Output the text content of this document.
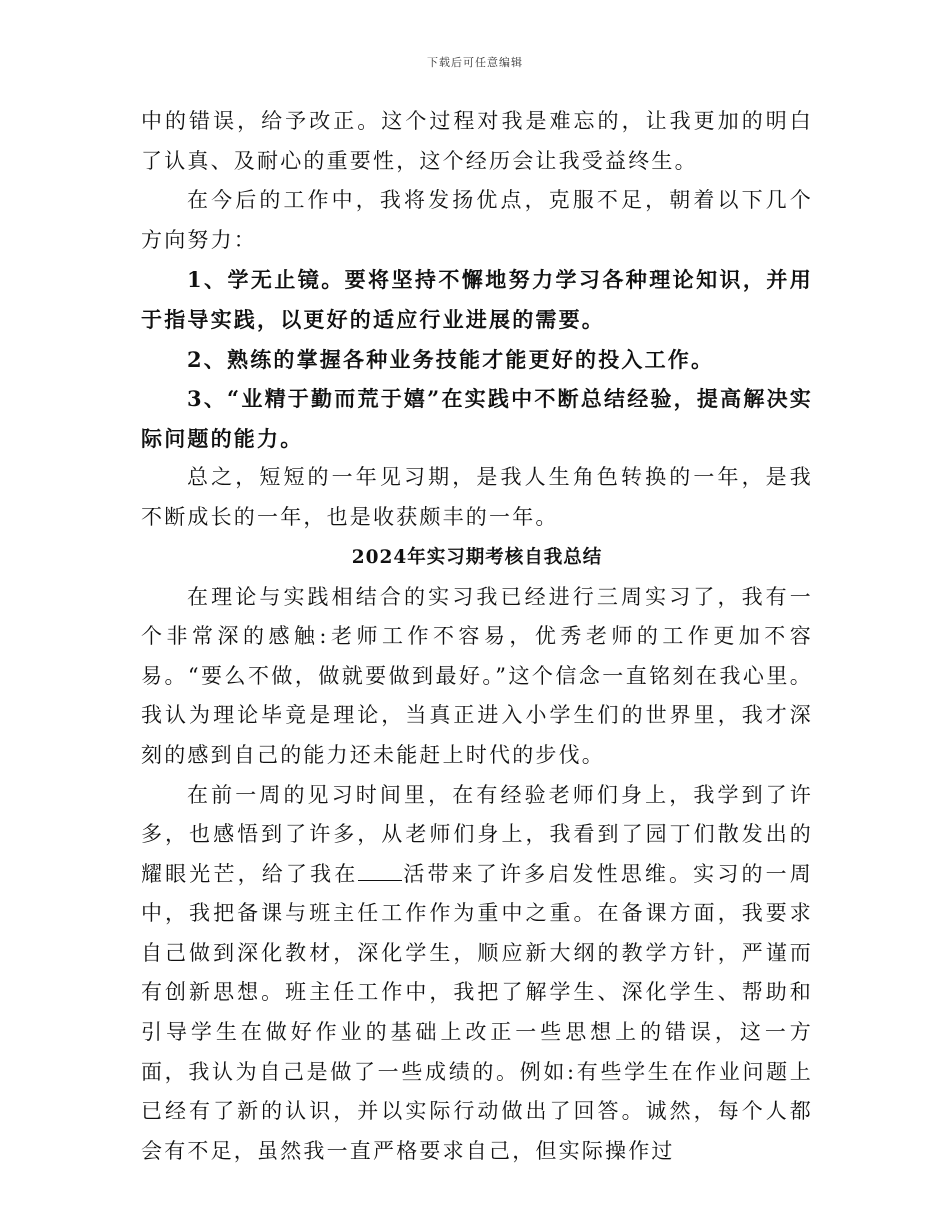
下载后可任意编辑

中的错误，给予改正。这个过程对我是难忘的，让我更加的明白了认真、及耐心的重要性，这个经历会让我受益终生。

在今后的工作中，我将发扬优点，克服不足，朝着以下几个方向努力：

1、学无止镜。要将坚持不懈地努力学习各种理论知识，并用于指导实践，以更好的适应行业进展的需要。

2、熟练的掌握各种业务技能才能更好的投入工作。

3、“业精于勤而荒于嬉”在实践中不断总结经验，提高解决实际问题的能力。

总之，短短的一年见习期，是我人生角色转换的一年，是我不断成长的一年，也是收获颇丰的一年。

2024年实习期考核自我总结

在理论与实践相结合的实习我已经进行三周实习了，我有一个非常深的感触:老师工作不容易，优秀老师的工作更加不容易。“要么不做，做就要做到最好。”这个信念一直铭刻在我心里。我认为理论毕竟是理论，当真正进入小学生们的世界里，我才深刻的感到自己的能力还未能赶上时代的步伐。

在前一周的见习时间里，在有经验老师们身上，我学到了许多，也感悟到了许多，从老师们身上，我看到了园丁们散发出的耀眼光芒，给了我在 活带来了许多启发性思维。实习的一周中，我把备课与班主任工作作为重中之重。在备课方面，我要求自己做到深化教材，深化学生，顺应新大纲的教学方针，严谨而有创新思想。班主任工作中，我把了解学生、深化学生、帮助和引导学生在做好作业的基础上改正一些思想上的错误，这一方面，我认为自己是做了一些成绩的。例如:有些学生在作业问题上已经有了新的认识，并以实际行动做出了回答。诚然，每个人都会有不足，虽然我一直严格要求自己，但实际操作过
